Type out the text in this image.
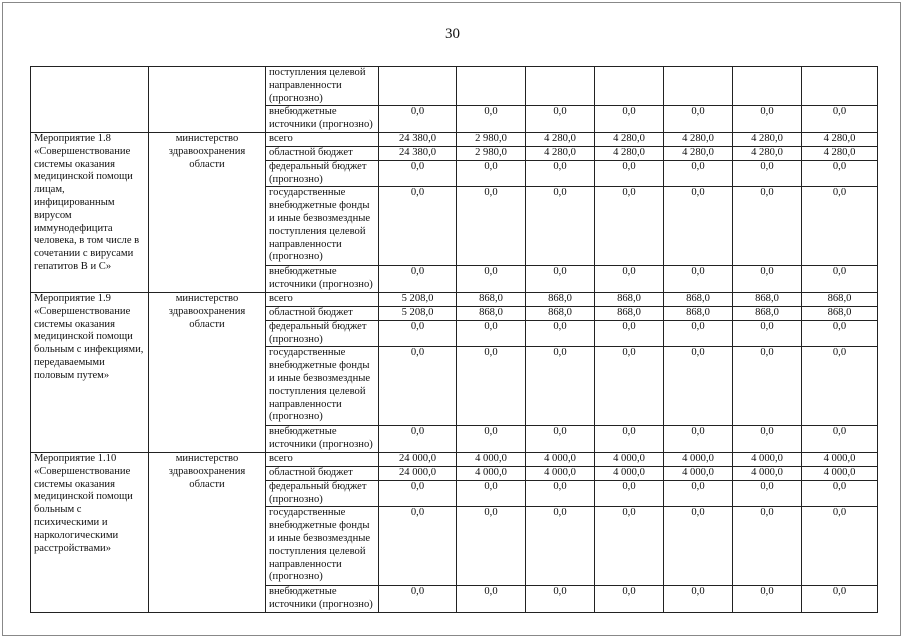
30
		поступления целевой направленности (прогнозно)							
		внебюджетные источники (прогнозно)	0,0	0,0	0,0	0,0	0,0	0,0	0,0
Мероприятие 1.8 «Совершенствование системы оказания медицинской помощи лицам, инфицированным вирусом иммунодефицита человека, в том числе в сочетании с вирусами гепатитов В и С»	министерство здравоохранения области	всего	24 380,0	2 980,0	4 280,0	4 280,0	4 280,0	4 280,0	4 280,0
		областной бюджет	24 380,0	2 980,0	4 280,0	4 280,0	4 280,0	4 280,0	4 280,0
		федеральный бюджет (прогнозно)	0,0	0,0	0,0	0,0	0,0	0,0	0,0
		государственные внебюджетные фонды и иные безвозмездные поступления целевой направленности (прогнозно)	0,0	0,0	0,0	0,0	0,0	0,0	0,0
		внебюджетные источники (прогнозно)	0,0	0,0	0,0	0,0	0,0	0,0	0,0
Мероприятие 1.9 «Совершенствование системы оказания медицинской помощи больным с инфекциями, передаваемыми половым путем»	министерство здравоохранения области	всего	5 208,0	868,0	868,0	868,0	868,0	868,0	868,0
		областной бюджет	5 208,0	868,0	868,0	868,0	868,0	868,0	868,0
		федеральный бюджет (прогнозно)	0,0	0,0	0,0	0,0	0,0	0,0	0,0
		государственные внебюджетные фонды и иные безвозмездные поступления целевой направленности (прогнозно)	0,0	0,0	0,0	0,0	0,0	0,0	0,0
		внебюджетные источники (прогнозно)	0,0	0,0	0,0	0,0	0,0	0,0	0,0
Мероприятие 1.10 «Совершенствование системы оказания медицинской помощи больным с психическими и наркологическими расстройствами»	министерство здравоохранения области	всего	24 000,0	4 000,0	4 000,0	4 000,0	4 000,0	4 000,0	4 000,0
		областной бюджет	24 000,0	4 000,0	4 000,0	4 000,0	4 000,0	4 000,0	4 000,0
		федеральный бюджет (прогнозно)	0,0	0,0	0,0	0,0	0,0	0,0	0,0
		государственные внебюджетные фонды и иные безвозмездные поступления целевой направленности (прогнозно)	0,0	0,0	0,0	0,0	0,0	0,0	0,0
		внебюджетные источники (прогнозно)	0,0	0,0	0,0	0,0	0,0	0,0	0,0
